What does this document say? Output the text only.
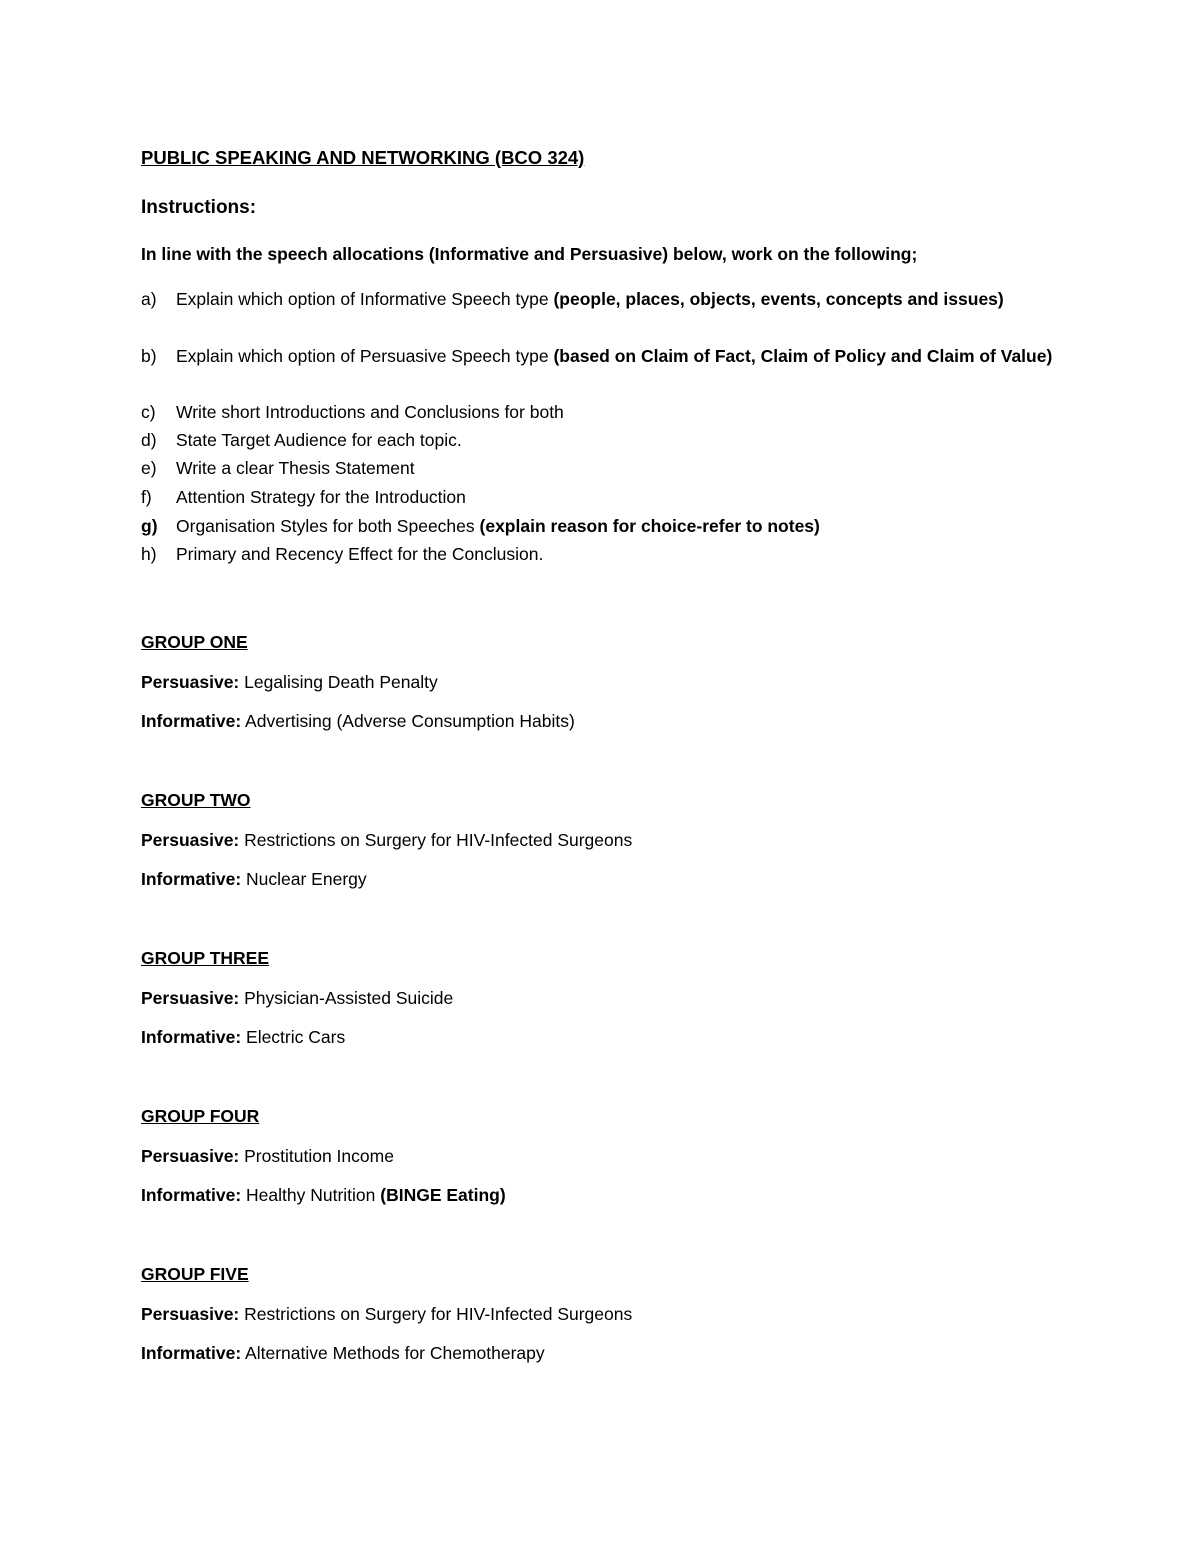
PUBLIC SPEAKING AND NETWORKING (BCO 324)
Instructions:
In line with the speech allocations (Informative and Persuasive) below, work on the following;
a)	Explain which option of Informative Speech type (people, places, objects, events, concepts and issues)
b)	Explain which option of Persuasive Speech type (based on Claim of Fact, Claim of Policy and Claim of Value)
c)	Write short Introductions and Conclusions for both
d)	State Target Audience for each topic.
e)	Write a clear Thesis Statement
f)	Attention Strategy for the Introduction
g)	Organisation Styles for both Speeches (explain reason for choice-refer to notes)
h)	Primary and Recency Effect for the Conclusion.
GROUP ONE
Persuasive: Legalising Death Penalty
Informative: Advertising (Adverse Consumption Habits)
GROUP TWO
Persuasive: Restrictions on Surgery for HIV-Infected Surgeons
Informative: Nuclear Energy
GROUP THREE
Persuasive: Physician-Assisted Suicide
Informative: Electric Cars
GROUP FOUR
Persuasive: Prostitution Income
Informative: Healthy Nutrition (BINGE Eating)
GROUP FIVE
Persuasive: Restrictions on Surgery for HIV-Infected Surgeons
Informative: Alternative Methods for Chemotherapy
